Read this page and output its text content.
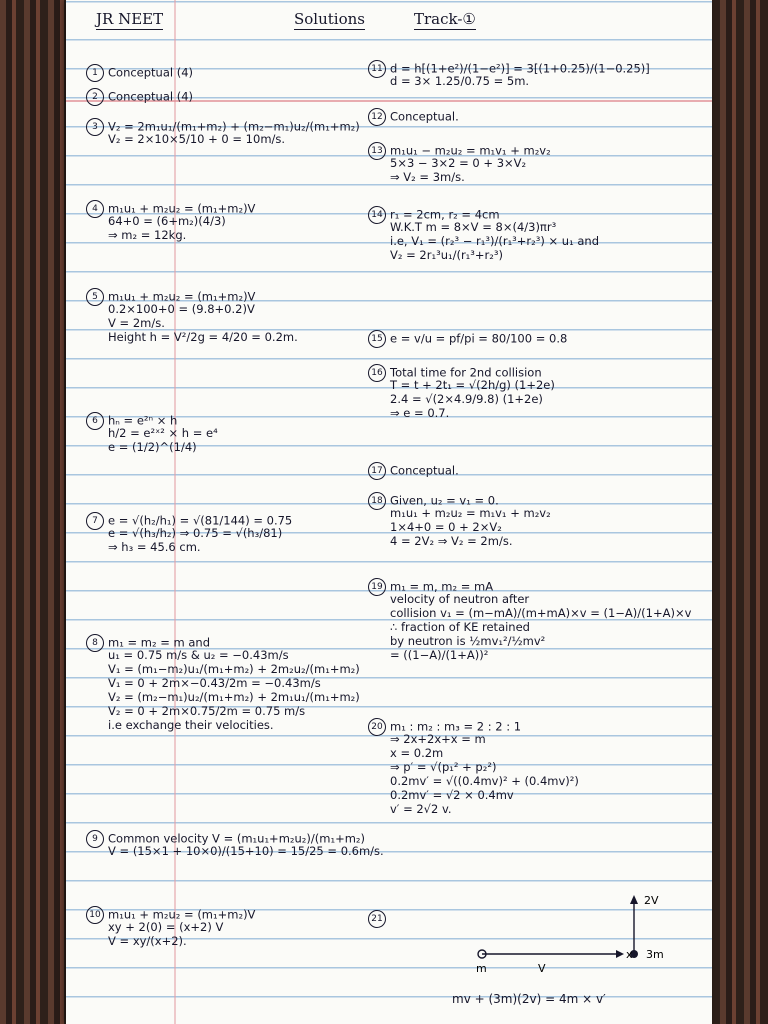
JR NEET	Solutions	Track-①
1 Conceptual (4)
2 Conceptual (4)
3 V₂ = 2m₁u₁/(m₁+m₂) + (m₂−m₁)u₂/(m₁+m₂)
V₂ = 2×10×5/10 + 0 = 10m/s.
4 m₁u₁ + m₂u₂ = (m₁+m₂)V
64+0 = (6+m₂)(4/3)
⇒ m₂ = 12kg.
5 m₁u₁ + m₂u₂ = (m₁+m₂)V
0.2×100+0 = (9.8+0.2)V
V = 2m/s.
Height h = V²/2g = 4/20 = 0.2m.
6 hₙ = e²ⁿ × h
h/2 = e²ˣ² × h = e⁴
e = (1/2)^(1/4)
7 e = √(h₂/h₁) = √(81/144) = 0.75
e = √(h₃/h₂) ⇒ 0.75 = √(h₃/81)
⇒ h₃ = 45.6 cm.
8 m₁ = m₂ = m and
u₁ = 0.75 m/s & u₂ = −0.43m/s
V₁ = (m₁−m₂)u₁/(m₁+m₂) + 2m₂u₂/(m₁+m₂)
V₁ = 0 + 2m×−0.43/2m = −0.43m/s
V₂ = (m₂−m₁)u₂/(m₁+m₂) + 2m₁u₁/(m₁+m₂)
V₂ = 0 + 2m×0.75/2m = 0.75 m/s
i.e exchange their velocities.
9 Common velocity V = (m₁u₁+m₂u₂)/(m₁+m₂)
V = (15×1 + 10×0)/(15+10) = 15/25 = 0.6m/s.
10 m₁u₁ + m₂u₂ = (m₁+m₂)V
xy + 2(0) = (x+2) V
V = xy/(x+2).
11 d = h[(1+e²)/(1−e²)] = 3[(1+0.25)/(1−0.25)]
d = 3× 1.25/0.75 = 5m.
12 Conceptual.
13 m₁u₁ − m₂u₂ = m₁v₁ + m₂v₂
5×3 − 3×2 = 0 + 3×V₂
⇒ V₂ = 3m/s.
14 r₁ = 2cm, r₂ = 4cm
W.K.T m = 8×V = 8×(4/3)πr³
i.e, V₁ = (r₂³ − r₁³)/(r₁³+r₂³) × u₁ and
V₂ = 2r₁³u₁/(r₁³+r₂³)
15 e = v/u = pf/pi = 80/100 = 0.8
16 Total time for 2nd collision
T = t + 2t₁ = √(2h/g) (1+2e)
2.4 = √(2×4.9/9.8) (1+2e)
⇒ e = 0.7.
17 Conceptual.
18 Given, u₂ = v₁ = 0.
m₁u₁ + m₂u₂ = m₁v₁ + m₂v₂
1×4+0 = 0 + 2×V₂
4 = 2V₂ ⇒ V₂ = 2m/s.
19 m₁ = m, m₂ = mA
velocity of neutron after
collision v₁ = (m−mA)/(m+mA)×v = (1−A)/(1+A)×v
∴ fraction of KE retained
by neutron is ½mv₁²/½mv²
= ((1−A)/(1+A))²
20 m₁ : m₂ : m₃ = 2 : 2 : 1
⇒ 2x+2x+x = m
x = 0.2m
⇒ p′ = √(p₁² + p₂²)
0.2mv′ = √((0.4mv)² + (0.4mv)²)
0.2mv′ = √2 × 0.4mv
v′ = 2√2 v.
21
2V
x 3m
m	V
mv + (3m)(2v) = 4m × v′
